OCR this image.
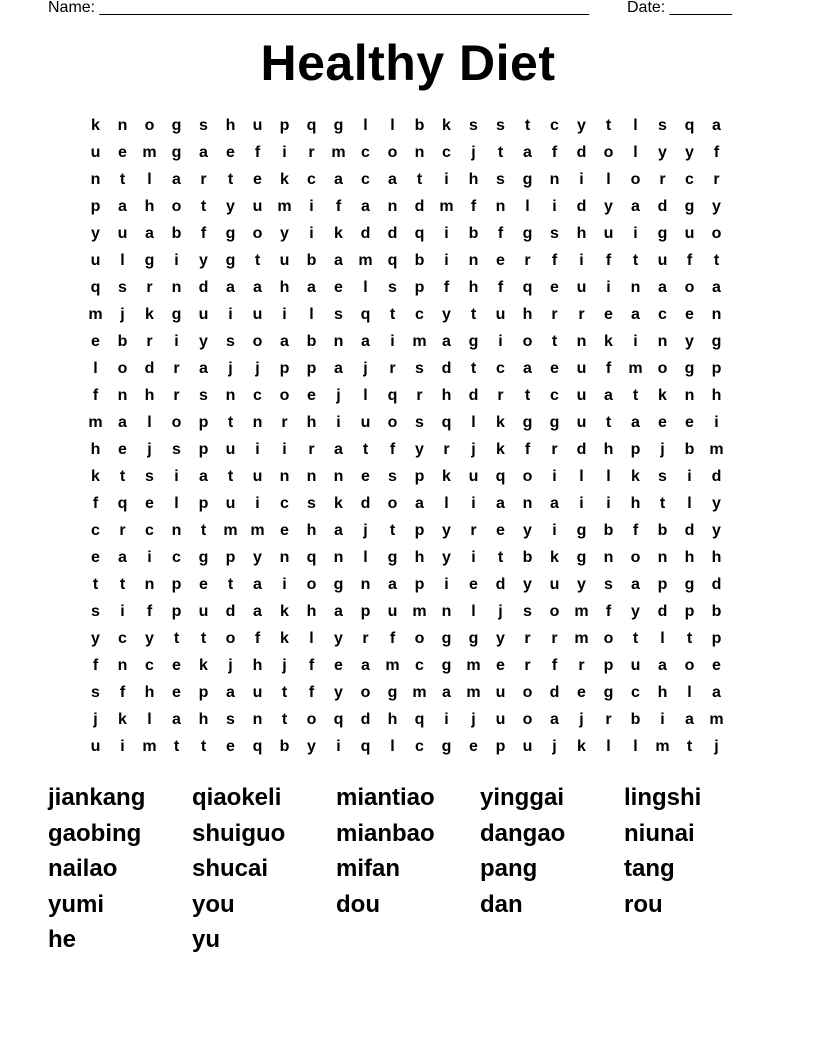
Name: _______________________________________________________ Date: _______
Healthy Diet
k	n	o	g	s	h	u	p	q	g	l	l	b	k	s	s	t	c	y	t	l	s	q	a
u	e m g	a	e	f	i	r	m c	o	n	c	j	t	a	f	d	o	l	y	y	f
n	t	l	a	r	t	e	k	c	a	c	a	t	i	h	s	g	n	i	l	o	r	c	r
p	a	h	o	t	y	u m	i	f	a	n	d m	f	n	l	i	d	y	a	d	g	y
y	u	a	b	f	g	o	y	i	k	d	d	q	i	b	f	g	s	h	u	i	g	u	o
u	l	g	i	y	g	t	u	b	a m q	b	i	n	e	r	f	i	f	t	u	f	t
q	s	r	n	d	a	a	h	a	e	l	s	p	f	h	f	q	e	u	i	n	a	o	a
m	j	k	g	u	i	u	i	l	s	q	t	c	y	t	u	h	r	r	e	a	c	e	n
e	b	r	i	y	s	o	a	b	n	a	i	m a	g	i	o	t	n	k	i	n	y	g
l	o	d	r	a	j	j	p	p	a	j	r	s	d	t	c	a	e	u	f	m o	g	p
f	n	h	r	s	n	c	o	e	j	l	q	r	h	d	r	t	c	u	a	t	k	n	h
m a	l	o	p	t	n	r	h	i	u	o	s	q	l	k	g	g	u	t	a	e	e	i
h	e	j	s	p	u	i	i	r	a	t	f	y	r	j	k	f	r	d	h	p	j	b m
k	t	s	i	a	t	u	n	n	n	e	s	p	k	u	q	o	i	l	l	k	s	i	d
f	q	e	l	p	u	i	c	s	k	d	o	a	l	i	a	n	a	i	i	h	t	l	y
c	r	c	n	t	m m e	h	a	j	t	p	y	r	e	y	i	g	b	f	b	d	y
e	a	i	c	g	p	y	n	q	n	l	g	h	y	i	t	b	k	g	n	o	n	h	h
t	t	n	p	e	t	a	i	o	g	n	a	p	i	e	d	y	u	y	s	a	p	g	d
s	i	f	p	u	d	a	k	h	a	p	u m n	l	j	s	o m	f	y	d	p	b
y	c	y	t	t	o	f	k	l	y	r	f	o	g	g	y	r	r	m o	t	l	t	p
f	n	c	e	k	j	h	j	f	e	a m c	g m e	r	f	r	p	u	a	o	e
s	f	h	e	p	a	u	t	f	y	o	g m a m u	o	d	e	g	c	h	l	a
j	k	l	a	h	s	n	t	o	q	d	h	q	i	j	u	o	a	j	r	b	i	a m
u	i	m	t	t	e	q	b	y	i	q	l	c	g	e	p	u	j	k	l	l	m	t	j
jiankang	qiaokeli	miantiao	yinggai	lingshi
gaobing	shuiguo	mianbao	dangao	niunai
nailao	shucai	mifan	pang	tang
yumi	you	dou	dan	rou
he	yu
